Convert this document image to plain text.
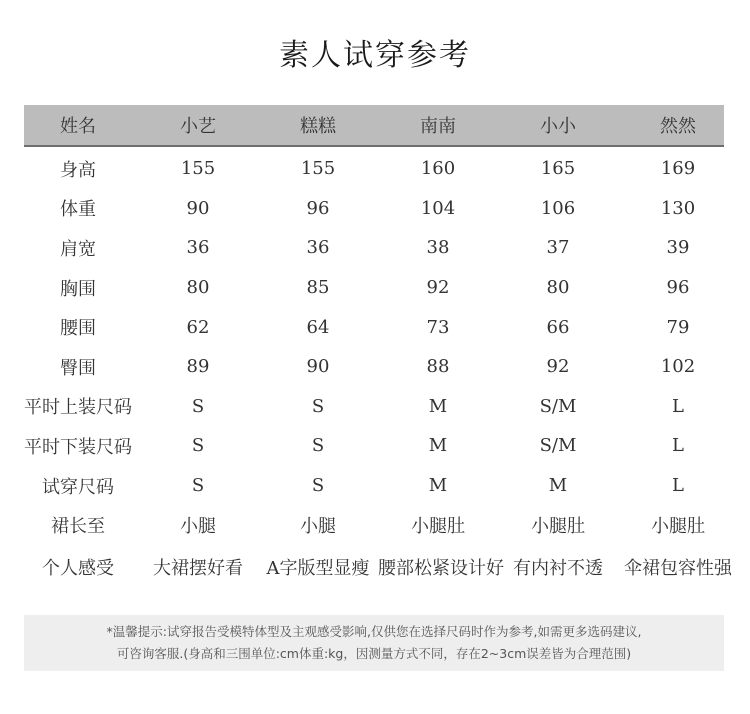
素人试穿参考
姓名	小艺	糕糕	南南	小小	然然

身高	155	155	160	165	169
体重	90	96	104	106	130
肩宽	36	36	38	37	39
胸围	80	85	92	80	96
腰围	62	64	73	66	79
臀围	89	90	88	92	102
平时上装尺码	S	S	M	S/M	L
平时下装尺码	S	S	M	S/M	L
试穿尺码	S	S	M	M	L
裙长至	小腿	小腿	小腿肚	小腿肚	小腿肚
个人感受	大裙摆好看	A字版型显瘦	腰部松紧设计好	有内衬不透	伞裙包容性强
*温馨提示:试穿报告受模特体型及主观感受影响,仅供您在选择尺码时作为参考,如需更多选码建议,
可咨询客服.(身高和三围单位:cm体重:kg，因测量方式不同，存在2~3cm误差皆为合理范围)
